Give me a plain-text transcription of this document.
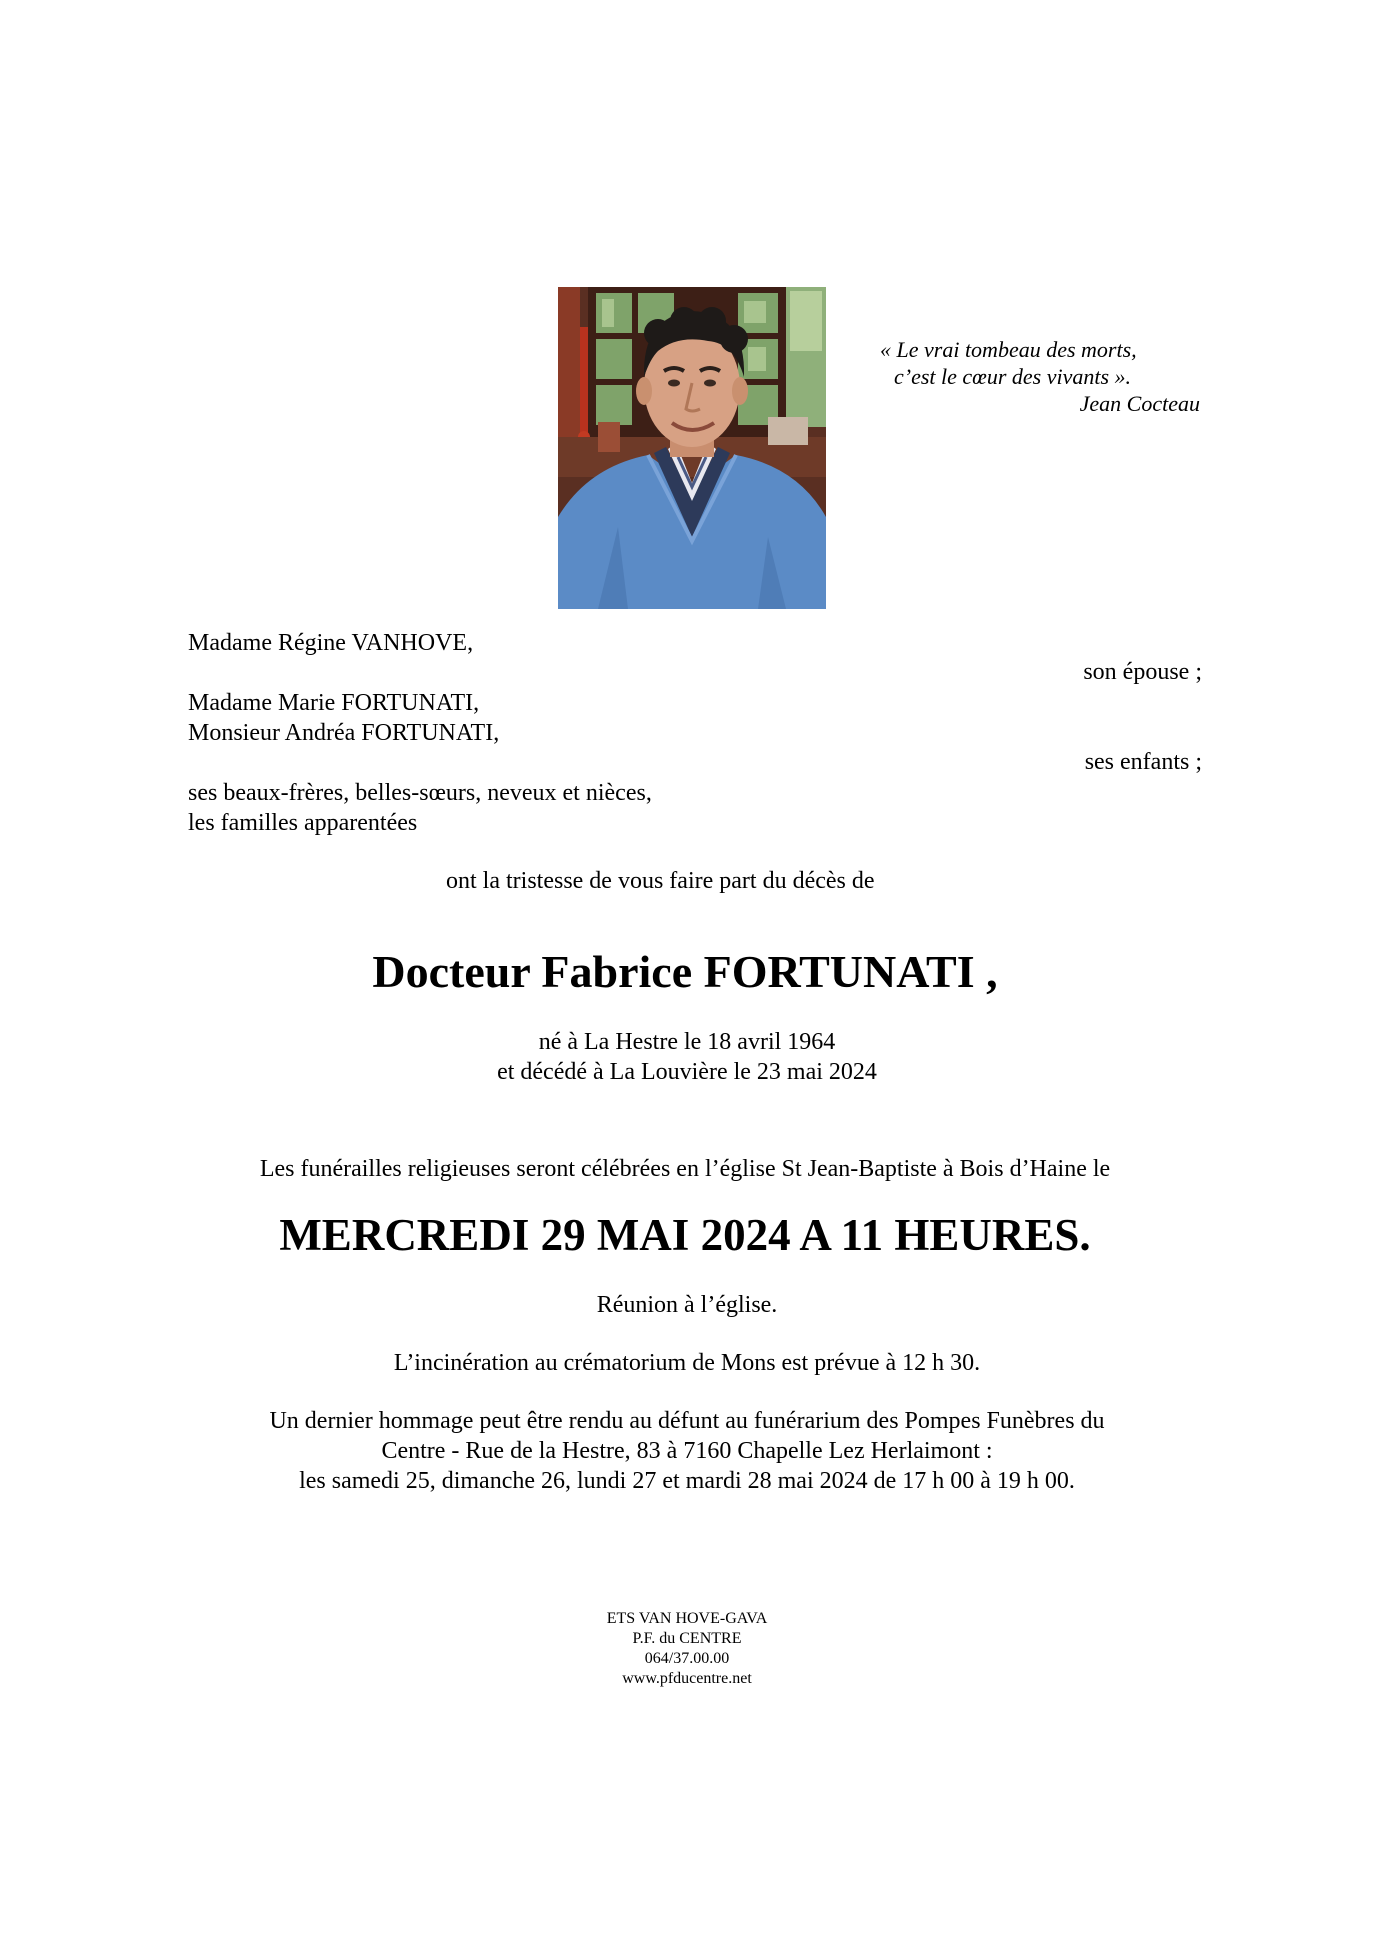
« Le vrai tombeau des morts,
c’est le cœur des vivants ».
Jean Cocteau
Madame Régine VANHOVE,
son épouse ;
Madame Marie FORTUNATI,
Monsieur Andréa FORTUNATI,
ses enfants ;
ses beaux-frères, belles-sœurs, neveux et nièces,
les familles apparentées
ont la tristesse de vous faire part du décès de
Docteur Fabrice FORTUNATI ,
né à La Hestre le 18 avril 1964
et décédé à La Louvière le 23 mai 2024
Les funérailles religieuses seront célébrées en l’église St Jean-Baptiste à Bois d’Haine le
MERCREDI 29 MAI 2024 A 11 HEURES.
Réunion à l’église.
L’incinération au crématorium de Mons est prévue à 12 h 30.
Un dernier hommage peut être rendu au défunt au funérarium des Pompes Funèbres du
Centre - Rue de la Hestre, 83 à 7160 Chapelle Lez Herlaimont :
les samedi 25, dimanche 26, lundi 27 et mardi 28 mai 2024 de 17 h 00 à 19 h 00.
ETS VAN HOVE-GAVA
P.F. du CENTRE
064/37.00.00
www.pfducentre.net
